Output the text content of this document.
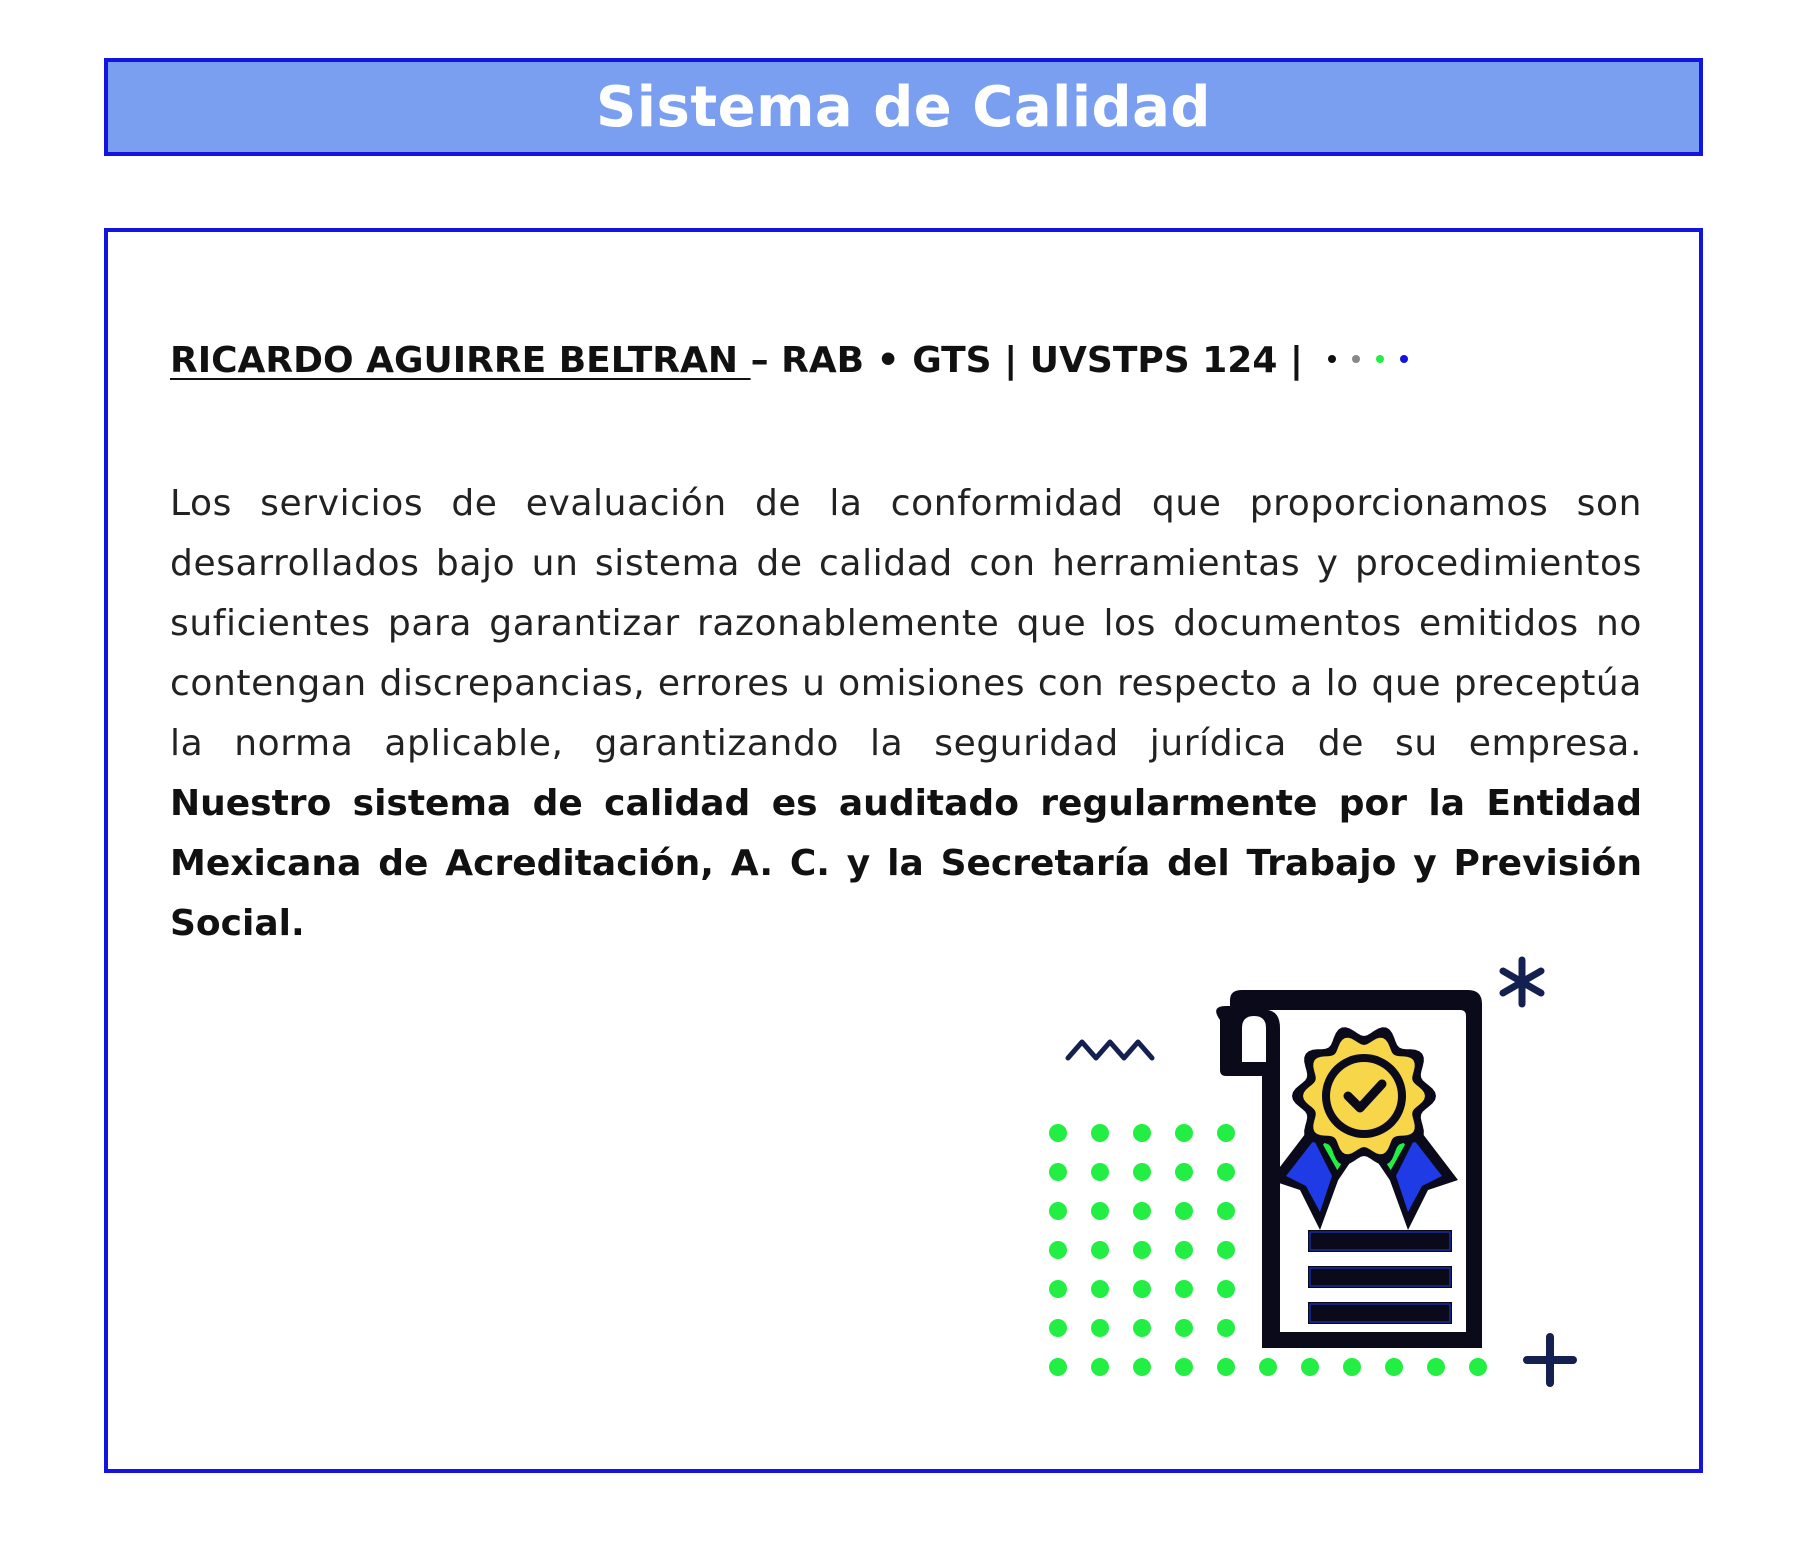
Sistema de Calidad
RICARDO AGUIRRE BELTRAN – RAB • GTS | UVSTPS 124 |

Los servicios de evaluación de la conformidad que proporcionamos son desarrollados bajo un sistema de calidad con herramientas y procedimientos suficientes para garantizar razonablemente que los documentos emitidos no contengan discrepancias, errores u omisiones con respecto a lo que preceptúa la norma aplicable, garantizando la seguridad jurídica de su empresa. Nuestro sistema de calidad es auditado regularmente por la Entidad Mexicana de Acreditación, A. C. y la Secretaría del Trabajo y Previsión Social.
